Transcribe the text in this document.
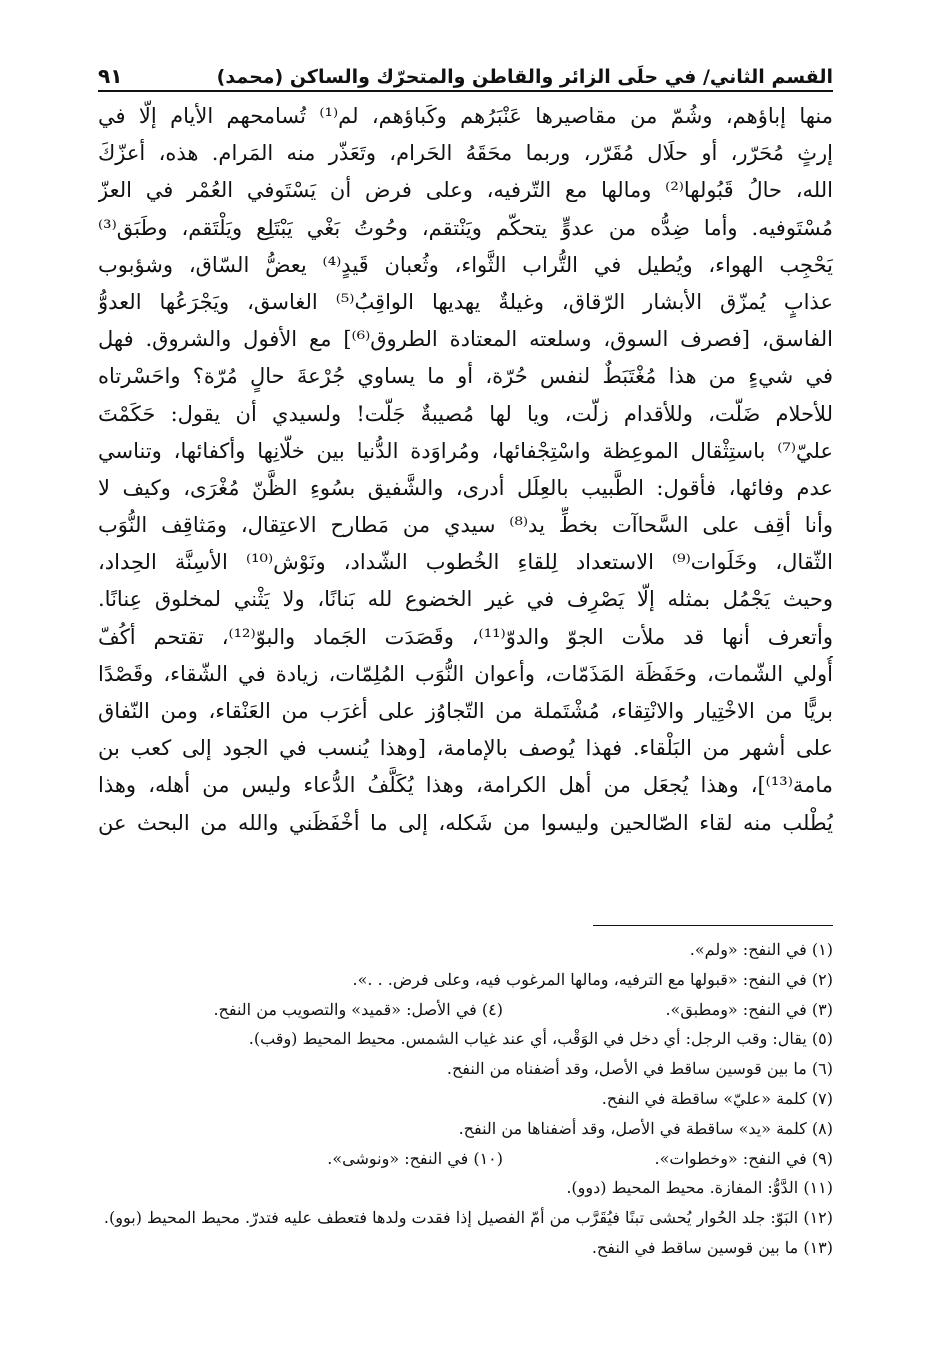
القسم الثاني/ في حلَى الزائر والقاطن والمتحرّك والساكن (محمد)
٩١
منها إباؤهم، وشُمّ من مقاصيرها عَنْبَرُهم وكَباؤهم، لم⁽¹⁾ تُسامحهم الأيام إلّا في
إرثٍ مُحَرّر، أو حلَال مُقَرّر، وربما محَقَهُ الحَرام، وتَعَذّر منه المَرام. هذه، أعزّكَ
الله، حالُ قَبُولها⁽²⁾ ومالها مع التّرفيه، وعلى فرض أن يَسْتَوفي العُمْر في العزّ
مُسْتَوفيه. وأما ضِدُّه من عدوٍّ يتحكّم ويَنْتقم، وحُوتُ بَغْي يَبْتَلِع ويَلْتَقم، وطَبَق⁽³⁾
يَحْجِب الهواء، ويُطيل في التُّراب الثَّواء، وثُعبان قَيدٍ⁽⁴⁾ يعضُّ السّاق، وشؤبوب
عذابٍ يُمزّق الأبشار الرّقاق، وغيلةٌ يهديها الواقِبُ⁽⁵⁾ الغاسق، ويَجْرَعُها العدوُّ
الفاسق، [فصرف السوق، وسلعته المعتادة الطروق⁽⁶⁾] مع الأفول والشروق. فهل
في شيءٍ من هذا مُغْتَبَطٌ لنفس حُرّة، أو ما يساوي جُرْعةَ حالٍ مُرّة؟ واحَسْرتاه
للأحلام ضَلّت، وللأقدام زلّت، ويا لها مُصيبةٌ جَلّت! ولسيدي أن يقول: حَكَمْتَ
عليّ⁽⁷⁾ باستِثْقال الموعِظة واسْتِجْفائها، ومُراوَدة الدُّنيا بين خلّانِها وأكفائها، وتناسي
عدم وفائها، فأقول: الطَّبيب بالعِلَل أدرى، والشَّفيق بسُوءِ الظَّنّ مُغْرَى، وكيف لا
وأنا أقِف على السَّحاآت بخطِّ يد⁽⁸⁾ سيدي من مَطارح الاعتِقال، ومَثاقِف النُّوَب
الثّقال، وخَلَوات⁽⁹⁾ الاستعداد لِلقاءِ الخُطوب الشّداد، ونَوْش⁽¹⁰⁾ الأسِنَّة الحِداد،
وحيث يَجْمُل بمثله إلّا يَصْرِف في غير الخضوع لله بَنانًا، ولا يَثْني لمخلوق عِنانًا.
وأتعرف أنها قد ملأت الجوّ والدوّ⁽¹¹⁾، وقَصَدَت الجَماد والبوّ⁽¹²⁾، تقتحم أكُفّ
أُولي الشّمات، وحَفَظَة المَذَمّات، وأعوان النُّوَب المُلِمّات، زيادة في الشّقاء، وقَصْدًا
بريًّا من الاخْتِيار والانْتِقاء، مُشْتَملة من التّجاوُز على أغرَب من العَنْقاء، ومن النّفاق
على أشهر من البَلْقاء. فهذا يُوصف بالإمامة، [وهذا يُنسب في الجود إلى كعب بن
مامة⁽¹³⁾]، وهذا يُجعَل من أهل الكرامة، وهذا يُكَلَّفُ الدُّعاء وليس من أهله، وهذا
يُطْلب منه لقاء الصّالحين وليسوا من شَكله، إلى ما أخْفَظَني والله من البحث عن
(١) في النفح: «ولم».
(٢) في النفح: «قبولها مع الترفيه، ومالها المرغوب فيه، وعلى فرض. . .».
(٣) في النفح: «ومطبق».
(٤) في الأصل: «قميد» والتصويب من النفح.
(٥) يقال: وقب الرجل: أي دخل في الوَقْب، أي عند غياب الشمس. محيط المحيط (وقب).
(٦) ما بين قوسين ساقط في الأصل، وقد أضفناه من النفح.
(٧) كلمة «عليّ» ساقطة في النفح.
(٨) كلمة «يد» ساقطة في الأصل، وقد أضفناها من النفح.
(٩) في النفح: «وخطوات».
(١٠) في النفح: «ونوشى».
(١١) الدَّوُّ: المفازة. محيط المحيط (دوو).
(١٢) البَوّ: جلد الحُوار يُحشى تبنًا فيُقَرَّب من أمّ الفصيل إذا فقدت ولدها فتعطف عليه فتدرّ. محيط المحيط (بوو).
(١٣) ما بين قوسين ساقط في النفح.
